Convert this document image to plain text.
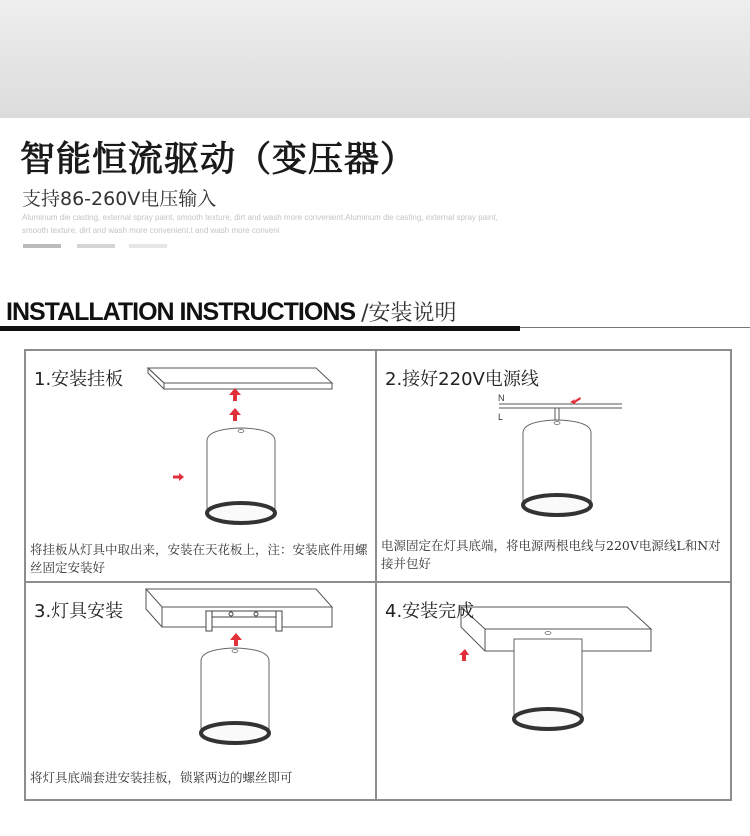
智能恒流驱动（变压器）
支持86-260V电压输入
Aluminum die casting, external spray paint, smooth texture, dirt and wash more convenient.Aluminum die casting, external spray paint, smooth texture, dirt and wash more convenient.t and wash more conveni
INSTALLATION INSTRUCTIONS /安装说明
1.安装挂板
将挂板从灯具中取出来，安装在天花板上，注：安装底件用螺丝固定安装好
N
L
2.接好220V电源线
电源固定在灯具底端，将电源两根电线与220V电源线L和N对接并包好
3.灯具安装
将灯具底端套进安装挂板，锁紧两边的螺丝即可
4.安装完成
